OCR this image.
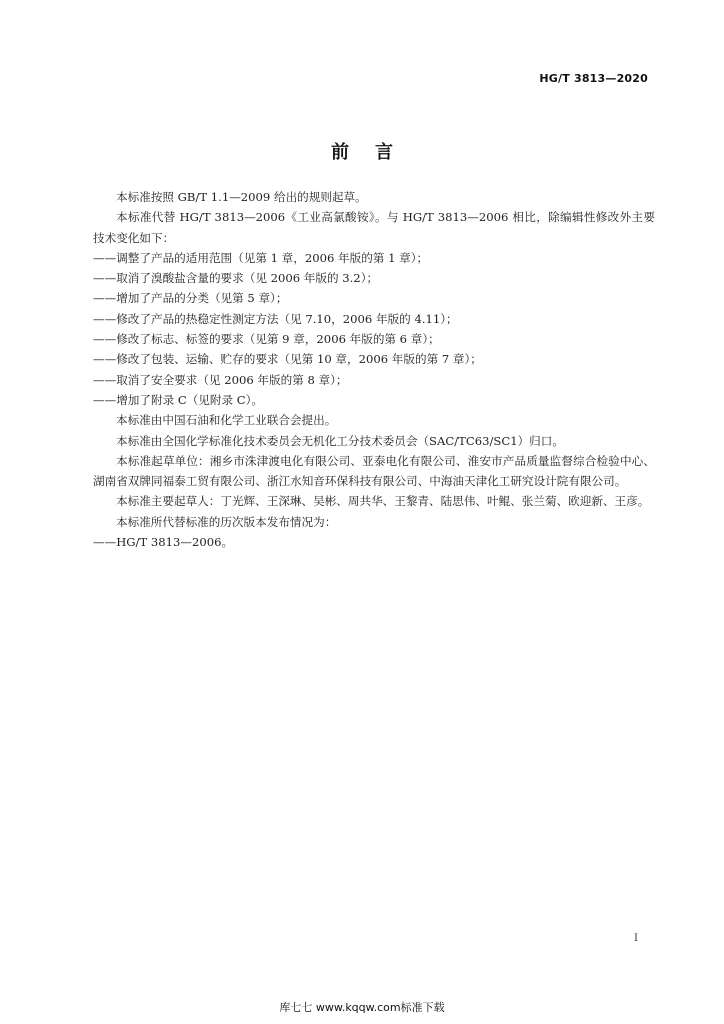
HG/T 3813—2020
前言

本标准按照 GB/T 1.1—2009 给出的规则起草。

本标准代替 HG/T 3813—2006《工业高氯酸铵》。与 HG/T 3813—2006 相比，除编辑性修改外主要技术变化如下：

——调整了产品的适用范围（见第 1 章，2006 年版的第 1 章）；

——取消了溴酸盐含量的要求（见 2006 年版的 3.2）；

——增加了产品的分类（见第 5 章）；

——修改了产品的热稳定性测定方法（见 7.10，2006 年版的 4.11）；

——修改了标志、标签的要求（见第 9 章，2006 年版的第 6 章）；

——修改了包装、运输、贮存的要求（见第 10 章，2006 年版的第 7 章）；

——取消了安全要求（见 2006 年版的第 8 章）；

——增加了附录 C（见附录 C）。

本标准由中国石油和化学工业联合会提出。

本标准由全国化学标准化技术委员会无机化工分技术委员会（SAC/TC63/SC1）归口。

本标准起草单位：湘乡市洙津渡电化有限公司、亚泰电化有限公司、淮安市产品质量监督综合检验中心、湖南省双牌同福泰工贸有限公司、浙江水知音环保科技有限公司、中海油天津化工研究设计院有限公司。

本标准主要起草人：丁光辉、王深琳、吴彬、周共华、王黎青、陆思伟、叶鲲、张兰菊、欧迎新、王彦。

本标准所代替标准的历次版本发布情况为：

——HG/T 3813—2006。

I
库七七 www.kqqw.com标准下载
